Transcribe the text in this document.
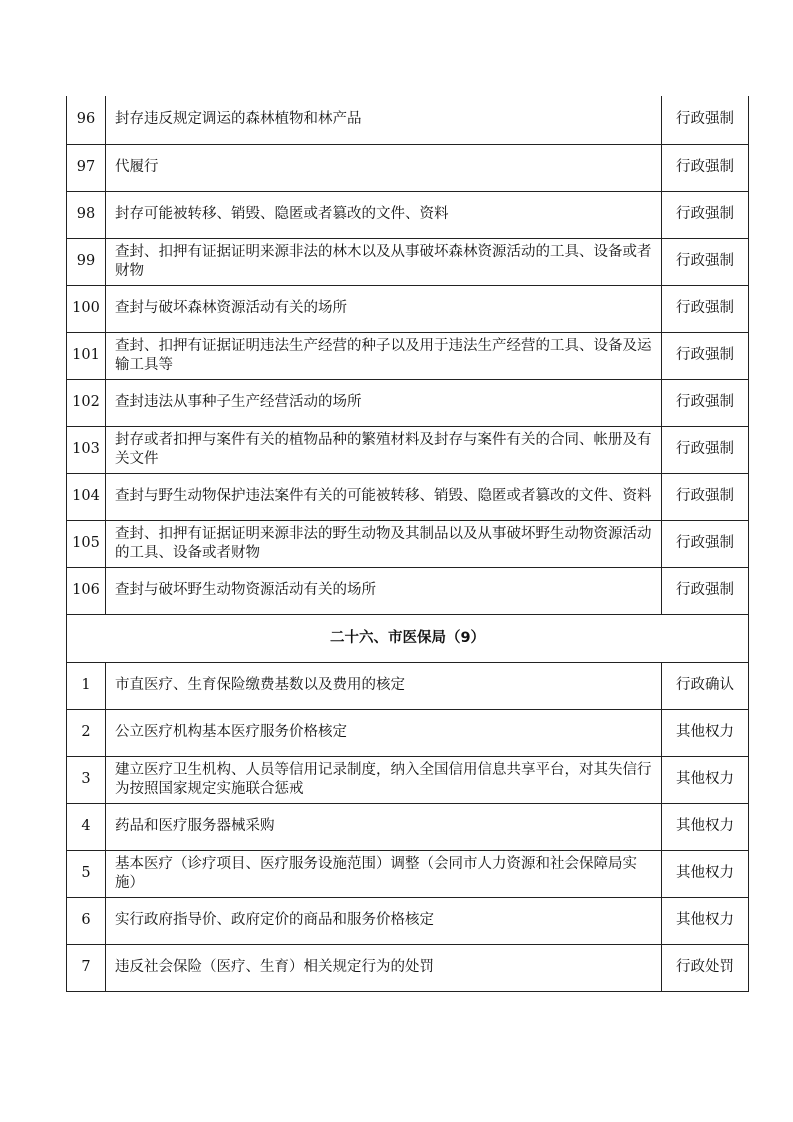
96	封存违反规定调运的森林植物和林产品	行政强制
97	代履行	行政强制
98	封存可能被转移、销毁、隐匿或者篡改的文件、资料	行政强制
99	查封、扣押有证据证明来源非法的林木以及从事破坏森林资源活动的工具、设备或者财物	行政强制
100	查封与破坏森林资源活动有关的场所	行政强制
101	查封、扣押有证据证明违法生产经营的种子以及用于违法生产经营的工具、设备及运输工具等	行政强制
102	查封违法从事种子生产经营活动的场所	行政强制
103	封存或者扣押与案件有关的植物品种的繁殖材料及封存与案件有关的合同、帐册及有关文件	行政强制
104	查封与野生动物保护违法案件有关的可能被转移、销毁、隐匿或者篡改的文件、资料	行政强制
105	查封、扣押有证据证明来源非法的野生动物及其制品以及从事破坏野生动物资源活动的工具、设备或者财物	行政强制
106	查封与破坏野生动物资源活动有关的场所	行政强制
二十六、市医保局（9）		
1	市直医疗、生育保险缴费基数以及费用的核定	行政确认
2	公立医疗机构基本医疗服务价格核定	其他权力
3	建立医疗卫生机构、人员等信用记录制度，纳入全国信用信息共享平台，对其失信行为按照国家规定实施联合惩戒	其他权力
4	药品和医疗服务器械采购	其他权力
5	基本医疗（诊疗项目、医疗服务设施范围）调整（会同市人力资源和社会保障局实施）	其他权力
6	实行政府指导价、政府定价的商品和服务价格核定	其他权力
7	违反社会保险（医疗、生育）相关规定行为的处罚	行政处罚
